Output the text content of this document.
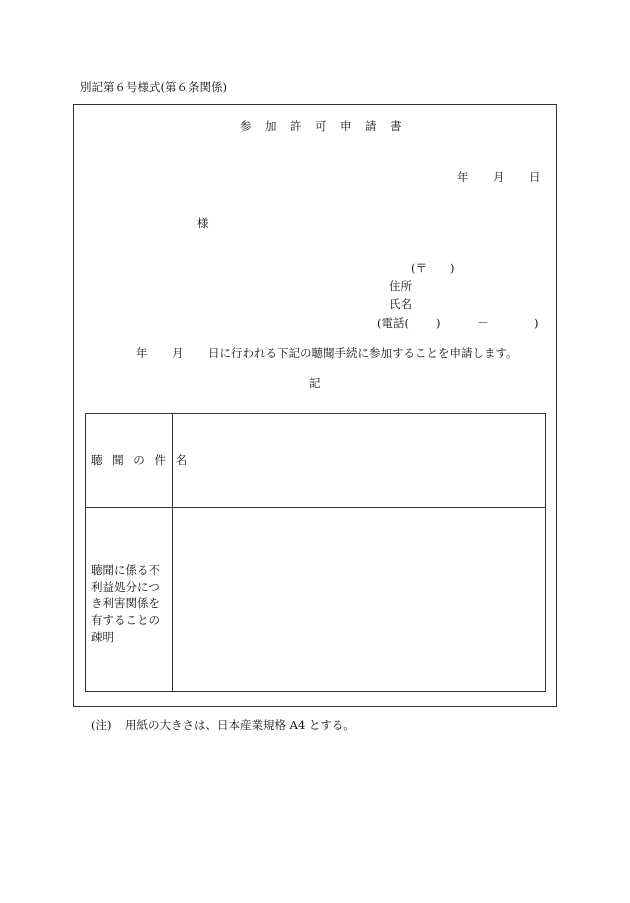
別記第６号様式(第６条関係)
参　加　許　可　申　請　書
年 月 日
様
(〒　　)
住所
氏名
(電話( )	－	)
年 月 日に行われる下記の聴聞手続に参加することを申請します。
記
聴 聞 の 件 名
聴聞に係る不利益処分につき利害関係を有することの疎明
(注) 用紙の大きさは、日本産業規格 A4 とする。
